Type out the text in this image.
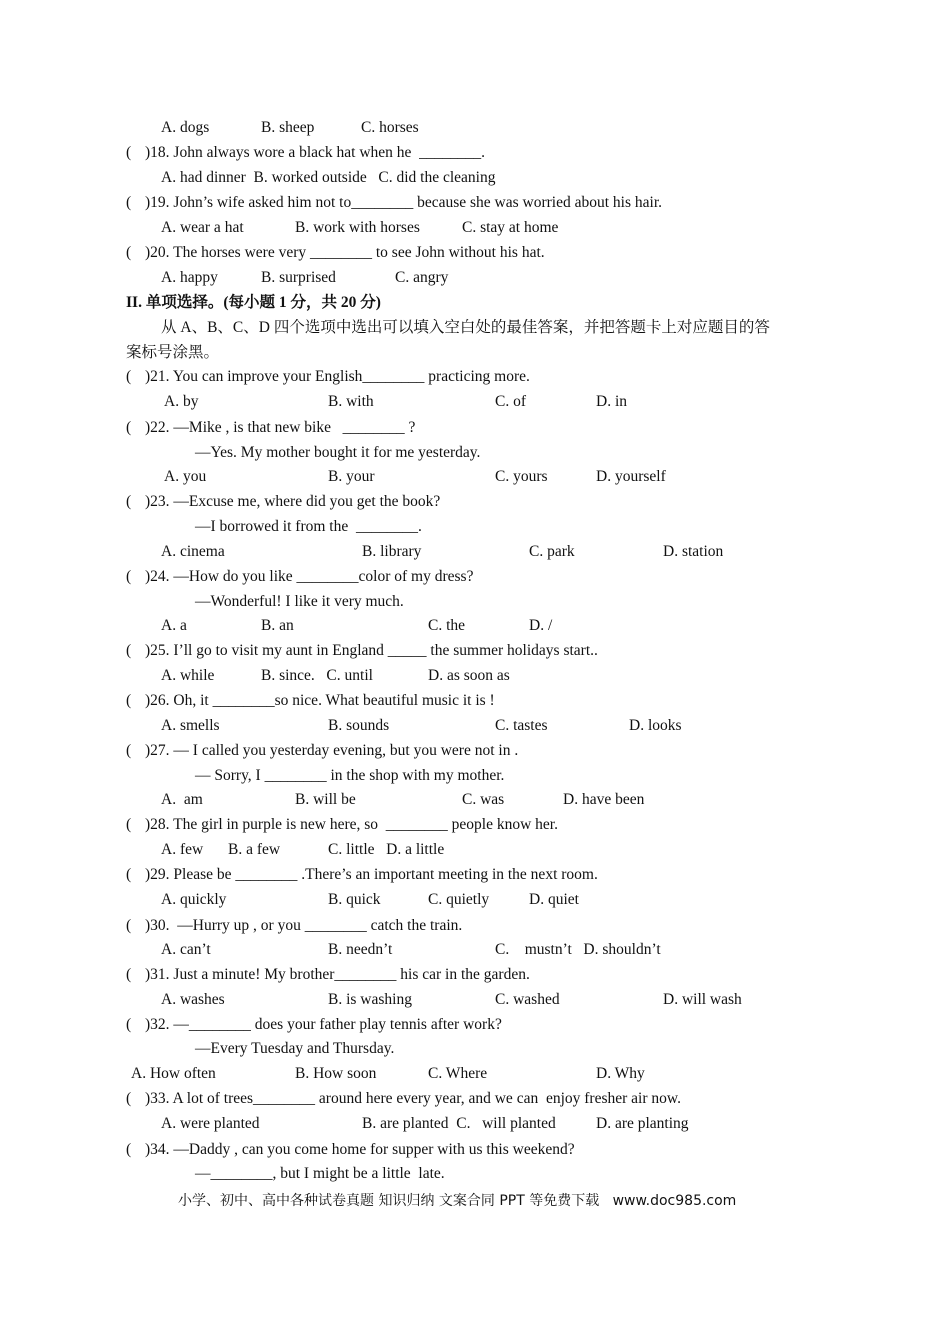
A. dogs

	B. sheep

	C. horses

(

)18. John always wore a black hat when he  ________.

A. had dinner  B. worked outside   C. did the cleaning

(

)19. John’s wife asked him not to________ because she was worried about his hair.

A. wear a hat

	B. work with horses

	C. stay at home

(

)20. The horses were very ________ to see John without his hat.

A. happy

	B. surprised

	C. angry

II. 单项选择。(每小题 1 分，共 20 分)
从 A、B、C、D 四个选项中选出可以填入空白处的最佳答案，并把答题卡上对应题目的答
案标号涂黑。

(

)21. You can improve your English________ practicing more.

A. by

	B. with

	C. of

	D. in

(

)22. —Mike , is that new bike   ________ ?

—Yes. My mother bought it for me yesterday.

A. you

	B. your

	C. yours

	D. yourself

(

)23. —Excuse me, where did you get the book?

—I borrowed it from the  ________.

A. cinema

	B. library

	C. park

	D. station

(

)24. —How do you like ________color of my dress?

—Wonderful! I like it very much.

A. a

	B. an

	C. the

	D. /

(

)25. I’ll go to visit my aunt in England _____ the summer holidays start..

A. while

	B. since.   C. until

	D. as soon as

(

)26. Oh, it ________so nice. What beautiful music it is !

A. smells

	B. sounds

	C. tastes

	D. looks

(

)27. — I called you yesterday evening, but you were not in .

— Sorry, I ________ in the shop with my mother.

A.  am

	B. will be

	C. was

	D. have been

(

)28. The girl in purple is new here, so  ________ people know her.

A. few

B. a few

	C. little   D. a little

(

)29. Please be ________ .There’s an important meeting in the next room.

A. quickly

	B. quick

	C. quietly

	D. quiet

(

)30.  —Hurry up , or you ________ catch the train.

A. can’t

	B. needn’t

	C.    mustn’t   D. shouldn’t

(

)31. Just a minute! My brother________ his car in the garden.

A. washes

	B. is washing

	C. washed

	D. will wash

(

)32. —________ does your father play tennis after work?

—Every Tuesday and Thursday.

A. How often

	B. How soon

	C. Where

	D. Why

(

)33. A lot of trees________ around here every year, and we can  enjoy fresher air now.

A. were planted

	B. are planted  C.   will planted

	D. are planting

(

)34. —Daddy , can you come home for supper with us this weekend?

—________, but I might be a little  late.
小学、初中、高中各种试卷真题 知识归纳 文案合同 PPT 等免费下载   www.doc985.com
